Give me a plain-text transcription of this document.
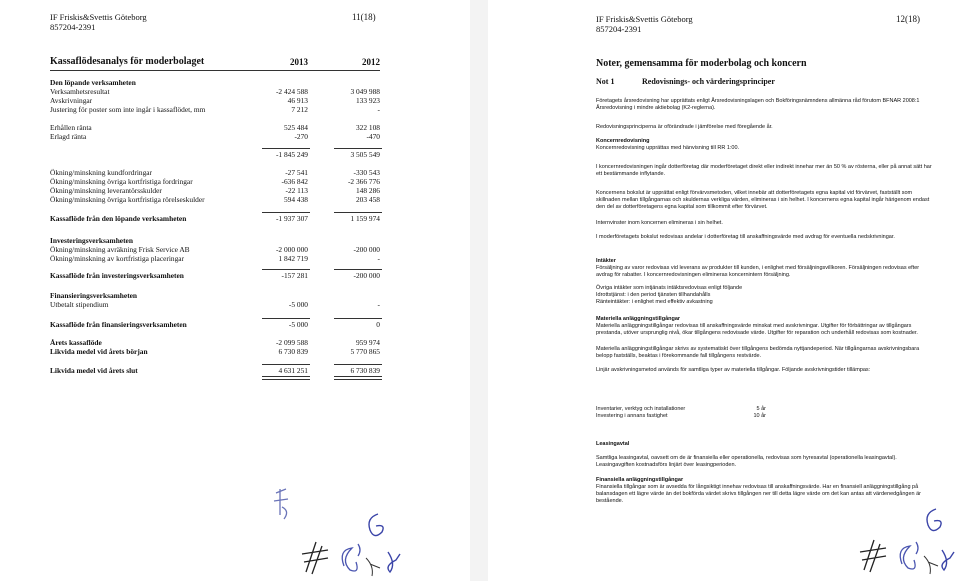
IF Friskis&Svettis Göteborg
857204-2391
11(18)
Kassaflödesanalys för moderbolaget	2013	2012
Den löpande verksamheten
Verksamhetsresultat	-2 424 588	3 049 988
Avskrivningar	46 913	133 923
Justering för poster som inte ingår i kassaflödet, mm	7 212	-
Erhållen ränta	525 484	322 108
Erlagd ränta	-270	-470
-1 845 249	3 505 549
Ökning/minskning kundfordringar	-27 541	-330 543
Ökning/minskning övriga kortfristiga fordringar	-636 842	-2 366 776
Ökning/minskning leverantörsskulder	-22 113	148 286
Ökning/minskning övriga kortfristiga rörelseskulder	594 438	203 458
Kassaflöde från den löpande verksamheten	-1 937 307	1 159 974
Investeringsverksamheten
Ökning/minskning avräkning Frisk Service AB	-2 000 000	-200 000
Ökning/minskning av kortfristiga placeringar	1 842 719	-
Kassaflöde från investeringsverksamheten	-157 281	-200 000
Finansieringsverksamheten
Utbetalt stipendium	-5 000	-
Kassaflöde från finansieringsverksamheten	-5 000	0
Årets kassaflöde	-2 099 588	959 974
Likvida medel vid årets början	6 730 839	5 770 865
Likvida medel vid årets slut	4 631 251	6 730 839
IF Friskis&Svettis Göteborg
857204-2391
12(18)
Noter, gemensamma för moderbolag och koncern
Not 1	Redovisnings- och värderingsprinciper
Företagets årsredovisning har upprättats enligt Årsredovisningslagen och Bokföringsnämndens allmänna råd förutom BFNAR 2008:1 Årsredovisning i mindre aktiebolag (K2-reglerna).
Redovisningsprinciperna är oförändrade i jämförelse med föregående år.
Koncernredovisning
Koncernredovisning upprättas med hänvisning till RR 1:00.
I koncernredovisningen ingår dotterföretag där moderföretaget direkt eller indirekt innehar mer än 50 % av rösterna, eller på annat sätt har ett bestämmande inflytande.
Koncernens bokslut är upprättat enligt förvärvsmetoden, vilket innebär att dotterföretagets egna kapital vid förvärvet, fastställt som skillnaden mellan tillgångarnas och skuldernas verkliga värden, elimineras i sin helhet. I koncernens egna kapital ingår härigenom endast den del av dotterföretagens egna kapital som tillkommit efter förvärvet.
Internvinster inom koncernen elimineras i sin helhet.
I moderföretagets bokslut redovisas andelar i dotterföretag till anskaffningsvärde med avdrag för eventuella nedskrivningar.
Intäkter
Försäljning av varor redovisas vid leverans av produkter till kunden, i enlighet med försäljningsvillkoren. Försäljningen redovisas efter avdrag för rabatter. I koncernredovisningen elimineras koncernintern försäljning.
Övriga intäkter som intjänats intäktsredovisas enligt följande
Idrottstjänst: i den period tjänsten tillhandahålls
Ränteintäkter: i enlighet med effektiv avkastning
Materiella anläggningstillgångar
Materiella anläggningstillgångar redovisas till anskaffningsvärde minskat med avskrivningar. Utgifter för förbättringar av tillgångars prestanda, utöver ursprunglig nivå, ökar tillgångens redovisade värde. Utgifter för reparation och underhåll redovisas som kostnader.
Materiella anläggningstillgångar skrivs av systematiskt över tillgångens bedömda nyttjandeperiod. När tillgångarnas avskrivningsbara belopp fastställs, beaktas i förekommande fall tillgångens restvärde.
Linjär avskrivningsmetod används för samtliga typer av materiella tillgångar. Följande avskrivningstider tillämpas:
Leasingavtal
Samtliga leasingavtal, oavsett om de är finansiella eller operationella, redovisas som hyresavtal (operationella leasingavtal). Leasingavgiften kostnadsförs linjärt över leasingperioden.
Finansiella anläggningstillgångar
Finansiella tillgångar som är avsedda för långsiktigt innehav redovisas till anskaffningsvärde. Har en finansiell anläggningstillgång på balansdagen ett lägre värde än det bokförda värdet skrivs tillgången ner till detta lägre värde om det kan antas att värdenedgången är bestående.
Inventarier, verktyg och installationer	5 år
Investering i annans fastighet	10 år
